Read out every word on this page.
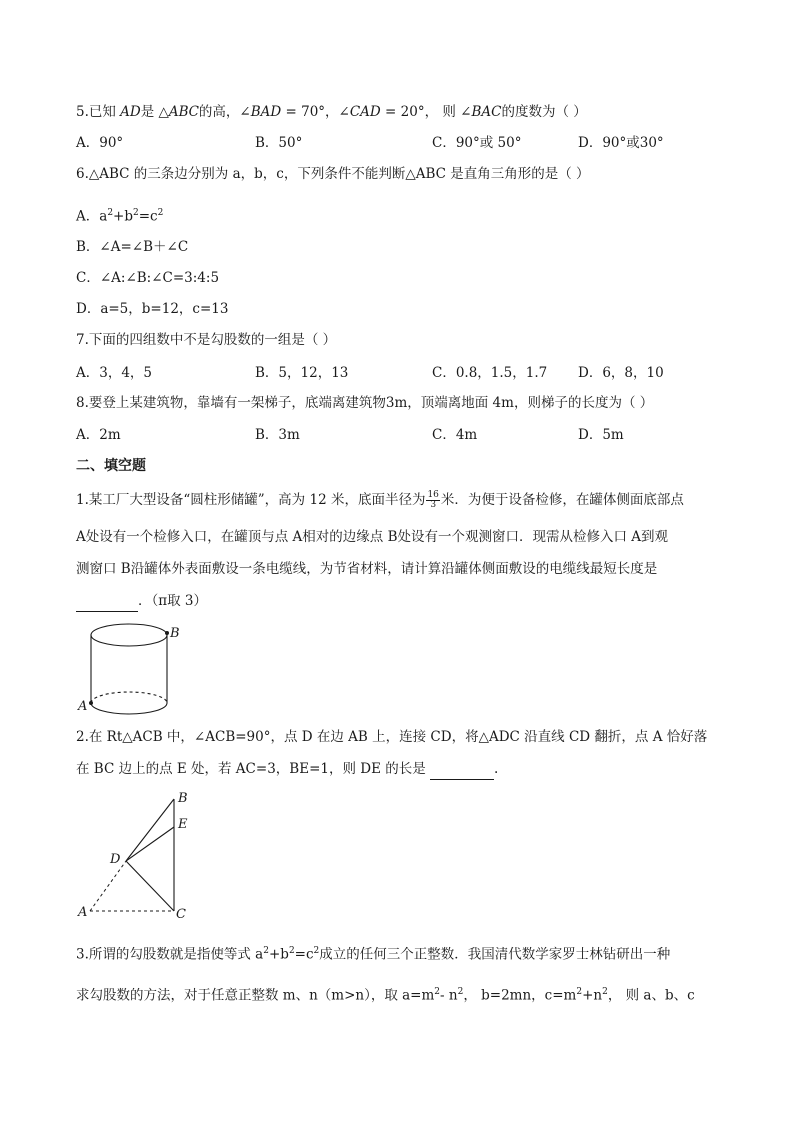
5.已知 𝐴𝐷是 △𝐴𝐵𝐶的高，∠𝐵𝐴𝐷 = 70°，∠𝐶𝐴𝐷 = 20°， 则 ∠𝐵𝐴𝐶的度数为（ ）
A．90°	B．50°	C．90°或 50°	D．90°或30°
6.△ABC 的三条边分别为 a，b，c，下列条件不能判断△ABC 是直角三角形的是（ ）
A．$a^2+b^2=c^2$
B．∠A=∠B＋∠C
C．∠A:∠B:∠C=3:4:5
D．a=5，b=12，c=13
7.下面的四组数中不是勾股数的一组是（ ）
A．3，4，5	B．5，12，13	C．0.8，1.5，1.7 D．6，8，10
8.要登上某建筑物，靠墙有一架梯子，底端离建筑物3m，顶端离地面 4m，则梯子的长度为（ ）
A．2m	B．3m	C．4m	D．5m
二、填空题
1.某工厂大型设备“圆柱形储罐”，高为 12 米，底面半径为 $\frac{16}{3}$ 米．为便于设备检修，在罐体侧面底部点
A处设有一个检修入口，在罐顶与点 A相对的边缘点 B处设有一个观测窗口．现需从检修入口 A到观
测窗口 B沿罐体外表面敷设一条电缆线，为节省材料，请计算沿罐体侧面敷设的电缆线最短长度是
．（π取 3）
B
A
2.在 Rt△ACB 中，∠ACB=90°，点 D 在边 AB 上，连接 CD，将△ADC 沿直线 CD 翻折，点 A 恰好落
在 BC 边上的点 E 处，若 AC=3，BE=1，则 DE 的长是	.
B
E
D
A	C
3.所谓的勾股数就是指使等式 $a^2+b^2=c^2$成立的任何三个正整数．我国清代数学家罗士林钻研出一种
求勾股数的方法，对于任意正整数 m、n（m>n），取 $a=m^2-$ $n^2$， b=2mn，$c=m^2+n^2$， 则 a、b、c
